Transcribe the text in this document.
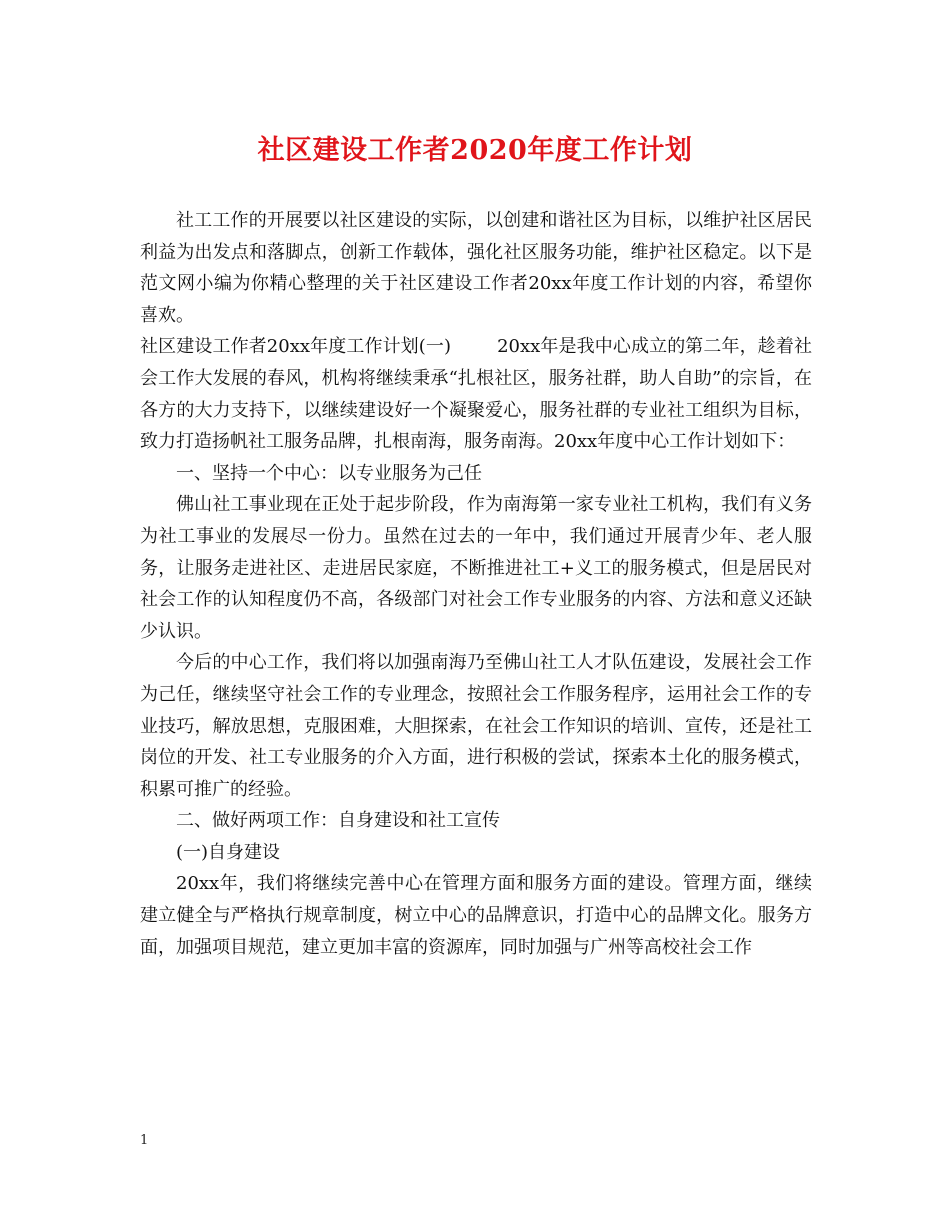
社区建设工作者2020年度工作计划

社工工作的开展要以社区建设的实际，以创建和谐社区为目标，以维护社区居民利益为出发点和落脚点，创新工作载体，强化社区服务功能，维护社区稳定。以下是范文网小编为你精心整理的关于社区建设工作者20xx年度工作计划的内容，希望你喜欢。

社区建设工作者20xx年度工作计划(一)	20xx年是我中心成立的第二年，趁着社会工作大发展的春风，机构将继续秉承“扎根社区，服务社群，助人自助”的宗旨，在各方的大力支持下，以继续建设好一个凝聚爱心，服务社群的专业社工组织为目标，致力打造扬帆社工服务品牌，扎根南海，服务南海。20xx年度中心工作计划如下：

一、坚持一个中心：以专业服务为己任

佛山社工事业现在正处于起步阶段，作为南海第一家专业社工机构，我们有义务为社工事业的发展尽一份力。虽然在过去的一年中，我们通过开展青少年、老人服务，让服务走进社区、走进居民家庭，不断推进社工+义工的服务模式，但是居民对社会工作的认知程度仍不高，各级部门对社会工作专业服务的内容、方法和意义还缺少认识。

今后的中心工作，我们将以加强南海乃至佛山社工人才队伍建设，发展社会工作为己任，继续坚守社会工作的专业理念，按照社会工作服务程序，运用社会工作的专业技巧，解放思想，克服困难，大胆探索，在社会工作知识的培训、宣传，还是社工岗位的开发、社工专业服务的介入方面，进行积极的尝试，探索本土化的服务模式，积累可推广的经验。

二、做好两项工作：自身建设和社工宣传

(一)自身建设

20xx年，我们将继续完善中心在管理方面和服务方面的建设。管理方面，继续建立健全与严格执行规章制度，树立中心的品牌意识，打造中心的品牌文化。服务方面，加强项目规范，建立更加丰富的资源库，同时加强与广州等高校社会工作

1
